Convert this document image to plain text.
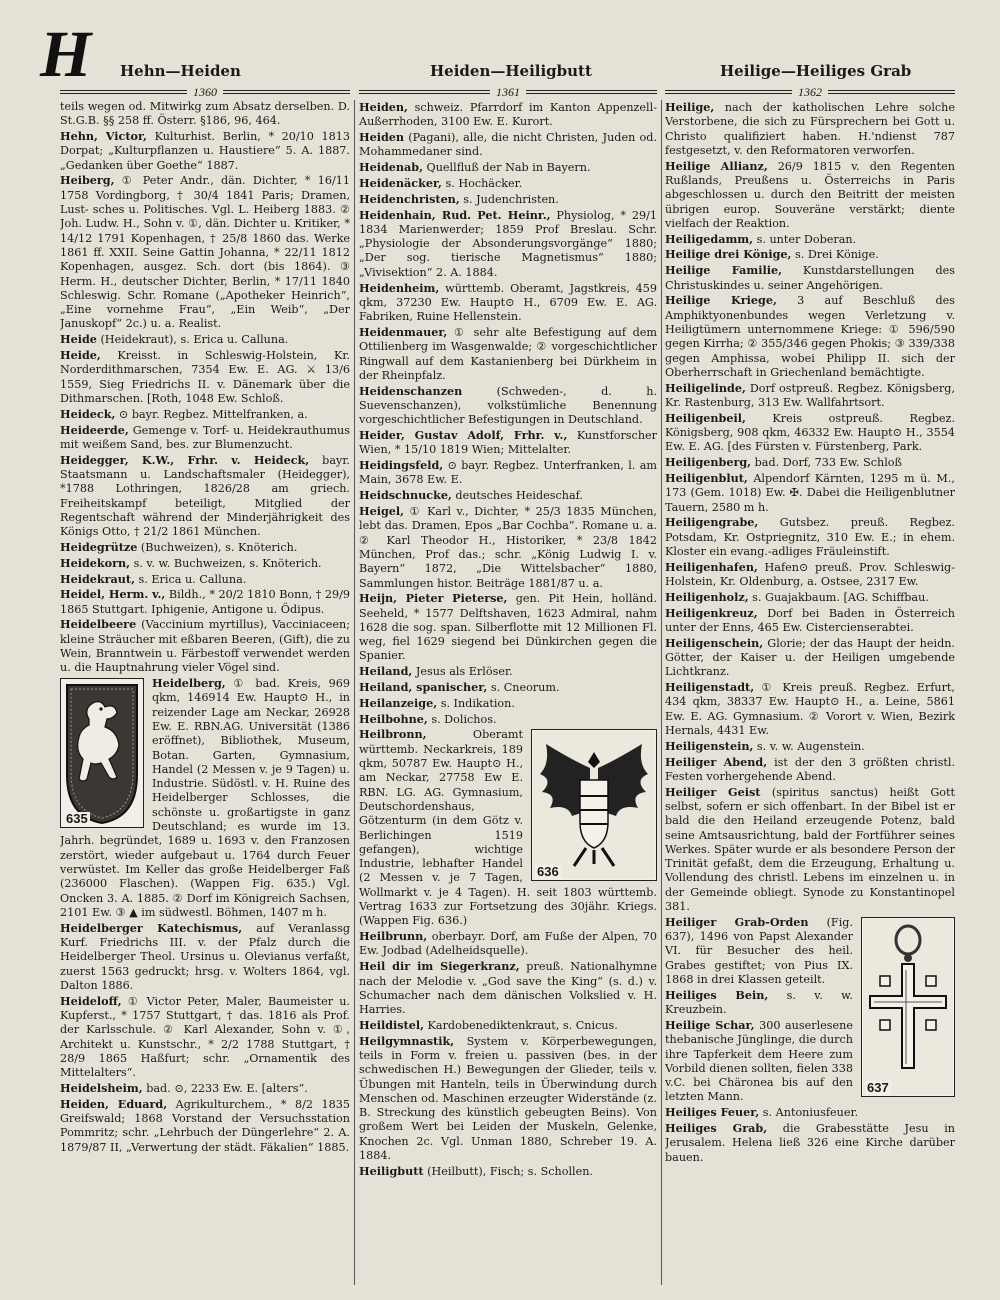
H Hehn—Heiden	Heiden—Heiligbutt	Heilige—Heiliges Grab
1360	1361	1362

teils wegen od. Mitwirkg zum Absatz derselben. D. St.G.B. §§ 258 ff. Österr. §186, 96, 464.

Hehn, Victor, Kulturhist. Berlin, * 20/10 1813 Dorpat; „Kulturpflanzen u. Haustiere“ 5. A. 1887. „Gedanken über Goethe“ 1887.

Heiberg, ① Peter Andr., dän. Dichter, * 16/11 1758 Vordingborg, † 30/4 1841 Paris; Dramen, Lust- sches u. Politisches. Vgl. L. Heiberg 1883. ② Joh. Ludw. H., Sohn v. ①, dän. Dichter u. Kritiker, * 14/12 1791 Kopenhagen, † 25/8 1860 das. Werke 1861 ff. XXII. Seine Gattin Johanna, * 22/11 1812 Kopenhagen, ausgez. Sch. dort (bis 1864). ③ Herm. H., deutscher Dichter, Berlin, * 17/11 1840 Schleswig. Schr. Romane („Apotheker Heinrich“, „Eine vornehme Frau“, „Ein Weib“, „Der Januskopf“ 2c.) u. a. Realist.

Heide (Heidekraut), s. Erica u. Calluna.

Heide, Kreisst. in Schleswig-Holstein, Kr. Norderdithmarschen, 7354 Ew. E. AG. ⚔ 13/6 1559, Sieg Friedrichs II. v. Dänemark über die Dithmarschen. [Roth, 1048 Ew. Schloß.

Heideck, ⊙ bayr. Regbez. Mittelfranken, a.

Heideerde, Gemenge v. Torf- u. Heidekrauthumus mit weißem Sand, bes. zur Blumenzucht.

Heidegger, K.W., Frhr. v. Heideck, bayr. Staatsmann u. Landschaftsmaler (Heidegger), *1788 Lothringen, 1826/28 am griech. Freiheitskampf beteiligt, Mitglied der Regentschaft während der Minderjährigkeit des Königs Otto, † 21/2 1861 München.

Heidegrütze (Buchweizen), s. Knöterich.

Heidekorn, s. v. w. Buchweizen, s. Knöterich.

Heidekraut, s. Erica u. Calluna.

Heidel, Herm. v., Bildh., * 20/2 1810 Bonn, † 29/9 1865 Stuttgart. Iphigenie, Antigone u. Ödipus.

Heidelbeere (Vaccinium myrtillus), Vacciniaceen; kleine Sträucher mit eßbaren Beeren, (Gift), die zu Wein, Branntwein u. Färbestoff verwendet werden u. die Hauptnahrung vieler Vögel sind.

635
Heidelberg, ① bad. Kreis, 969 qkm, 146914 Ew. Haupt⊙ H., in reizender Lage am Neckar, 26928 Ew. E. RBN.AG. Universität (1386 eröffnet), Bibliothek, Museum, Botan. Garten, Gymnasium, Handel (2 Messen v. je 9 Tagen) u. Industrie. Südöstl. v. H. Ruine des Heidelberger Schlosses, die schönste u. großartigste in ganz Deutschland; es wurde im 13. Jahrh. begründet, 1689 u. 1693 v. den Franzosen zerstört, wieder aufgebaut u. 1764 durch Feuer verwüstet. Im Keller das große Heidelberger Faß (236000 Flaschen). (Wappen Fig. 635.) Vgl. Oncken 3. A. 1885. ② Dorf im Königreich Sachsen, 2101 Ew. ③ ▲ im südwestl. Böhmen, 1407 m h.

Heidelberger Katechismus, auf Veranlassg Kurf. Friedrichs III. v. der Pfalz durch die Heidelberger Theol. Ursinus u. Olevianus verfaßt, zuerst 1563 gedruckt; hrsg. v. Wolters 1864, vgl. Dalton 1886.

Heideloff, ① Victor Peter, Maler, Baumeister u. Kupferst., * 1757 Stuttgart, † das. 1816 als Prof. der Karlsschule. ② Karl Alexander, Sohn v. ①, Architekt u. Kunstschr., * 2/2 1788 Stuttgart, † 28/9 1865 Haßfurt; schr. „Ornamentik des Mittelalters“.

Heidelsheim, bad. ⊙, 2233 Ew. E. [alters“.

Heiden, Eduard, Agrikulturchem., * 8/2 1835 Greifswald; 1868 Vorstand der Versuchsstation Pommritz; schr. „Lehrbuch der Düngerlehre“ 2. A. 1879/87 II, „Verwertung der städt. Fäkalien“ 1885.

Heiden, schweiz. Pfarrdorf im Kanton Appenzell-Außerrhoden, 3100 Ew. E. Kurort.

Heiden (Pagani), alle, die nicht Christen, Juden od. Mohammedaner sind.

Heidenab, Quellfluß der Nab in Bayern.

Heidenäcker, s. Hochäcker.

Heidenchristen, s. Judenchristen.

Heidenhain, Rud. Pet. Heinr., Physiolog, * 29/1 1834 Marienwerder; 1859 Prof Breslau. Schr. „Physiologie der Absonderungsvorgänge“ 1880; „Der sog. tierische Magnetismus“ 1880; „Vivisektion“ 2. A. 1884.

Heidenheim, württemb. Oberamt, Jagstkreis, 459 qkm, 37230 Ew. Haupt⊙ H., 6709 Ew. E. AG. Fabriken, Ruine Hellenstein.

Heidenmauer, ① sehr alte Befestigung auf dem Ottilienberg im Wasgenwalde; ② vorgeschichtlicher Ringwall auf dem Kastanienberg bei Dürkheim in der Rheinpfalz.

Heidenschanzen (Schweden-, d. h. Suevenschanzen), volkstümliche Benennung vorgeschichtlicher Befestigungen in Deutschland.

Heider, Gustav Adolf, Frhr. v., Kunstforscher Wien, * 15/10 1819 Wien; Mittelalter.

Heidingsfeld, ⊙ bayr. Regbez. Unterfranken, l. am Main, 3678 Ew. E.

Heidschnucke, deutsches Heideschaf.

Heigel, ① Karl v., Dichter, * 25/3 1835 München, lebt das. Dramen, Epos „Bar Cochba“. Romane u. a. ② Karl Theodor H., Historiker, * 23/8 1842 München, Prof das.; schr. „König Ludwig I. v. Bayern“ 1872, „Die Wittelsbacher“ 1880, Sammlungen histor. Beiträge 1881/87 u. a.

Heijn, Pieter Pieterse, gen. Pit Hein, holländ. Seeheld, * 1577 Delftshaven, 1623 Admiral, nahm 1628 die sog. span. Silberflotte mit 12 Millionen Fl. weg, fiel 1629 siegend bei Dünkirchen gegen die Spanier.

Heiland, Jesus als Erlöser.

Heiland, spanischer, s. Cneorum.

Heilanzeige, s. Indikation.

Heilbohne, s. Dolichos.

636
Heilbronn, Oberamt württemb. Neckarkreis, 189 qkm, 50787 Ew. Haupt⊙ H., am Neckar, 27758 Ew E. RBN. LG. AG. Gymnasium, Deutschordenshaus, Götzenturm (in dem Götz v. Berlichingen 1519 gefangen), wichtige Industrie, lebhafter Handel (2 Messen v. je 7 Tagen, Wollmarkt v. je 4 Tagen). H. seit 1803 württemb. Vertrag 1633 zur Fortsetzung des 30jähr. Kriegs. (Wappen Fig. 636.)

Heilbrunn, oberbayr. Dorf, am Fuße der Alpen, 70 Ew. Jodbad (Adelheidsquelle).

Heil dir im Siegerkranz, preuß. Nationalhymne nach der Melodie v. „God save the King“ (s. d.) v. Schumacher nach dem dänischen Volkslied v. H. Harries.

Heildistel, Kardobenediktenkraut, s. Cnicus.

Heilgymnastik, System v. Körperbewegungen, teils in Form v. freien u. passiven (bes. in der schwedischen H.) Bewegungen der Glieder, teils v. Übungen mit Hanteln, teils in Überwindung durch Menschen od. Maschinen erzeugter Widerstände (z. B. Streckung des künstlich gebeugten Beins). Von großem Wert bei Leiden der Muskeln, Gelenke, Knochen 2c. Vgl. Unman 1880, Schreber 19. A. 1884.

Heiligbutt (Heilbutt), Fisch; s. Schollen.

Heilige, nach der katholischen Lehre solche Verstorbene, die sich zu Fürsprechern bei Gott u. Christo qualifiziert haben. H.'ndienst 787 festgesetzt, v. den Reformatoren verworfen.

Heilige Allianz, 26/9 1815 v. den Regenten Rußlands, Preußens u. Österreichs in Paris abgeschlossen u. durch den Beitritt der meisten übrigen europ. Souveräne verstärkt; diente vielfach der Reaktion.

Heiligedamm, s. unter Doberan.

Heilige drei Könige, s. Drei Könige.

Heilige Familie, Kunstdarstellungen des Christuskindes u. seiner Angehörigen.

Heilige Kriege, 3 auf Beschluß des Amphiktyonenbundes wegen Verletzung v. Heiligtümern unternommene Kriege: ① 596/590 gegen Kirrha; ② 355/346 gegen Phokis; ③ 339/338 gegen Amphissa, wobei Philipp II. sich der Oberherrschaft in Griechenland bemächtigte.

Heiligelinde, Dorf ostpreuß. Regbez. Königsberg, Kr. Rastenburg, 313 Ew. Wallfahrtsort.

Heiligenbeil, Kreis ostpreuß. Regbez. Königsberg, 908 qkm, 46332 Ew. Haupt⊙ H., 3554 Ew. E. AG. [des Fürsten v. Fürstenberg, Park.

Heiligenberg, bad. Dorf, 733 Ew. Schloß

Heiligenblut, Alpendorf Kärnten, 1295 m ü. M., 173 (Gem. 1018) Ew. ✠. Dabei die Heiligenblutner Tauern, 2580 m h.

Heiligengrabe, Gutsbez. preuß. Regbez. Potsdam, Kr. Ostpriegnitz, 310 Ew. E.; in ehem. Kloster ein evang.-adliges Fräuleinstift.

Heiligenhafen, Hafen⊙ preuß. Prov. Schleswig-Holstein, Kr. Oldenburg, a. Ostsee, 2317 Ew.

Heiligenholz, s. Guajakbaum. [AG. Schiffbau.

Heiligenkreuz, Dorf bei Baden in Österreich unter der Enns, 465 Ew. Cistercienserabtei.

Heiligenschein, Glorie; der das Haupt der heidn. Götter, der Kaiser u. der Heiligen umgebende Lichtkranz.

Heiligenstadt, ① Kreis preuß. Regbez. Erfurt, 434 qkm, 38337 Ew. Haupt⊙ H., a. Leine, 5861 Ew. E. AG. Gymnasium. ② Vorort v. Wien, Bezirk Hernals, 4431 Ew.

Heiligenstein, s. v. w. Augenstein.

Heiliger Abend, ist der den 3 größten christl. Festen vorhergehende Abend.

Heiliger Geist (spiritus sanctus) heißt Gott selbst, sofern er sich offenbart. In der Bibel ist er bald die den Heiland erzeugende Potenz, bald seine Amtsausrichtung, bald der Fortführer seines Werkes. Später wurde er als besondere Person der Trinität gefaßt, dem die Erzeugung, Erhaltung u. Vollendung des christl. Lebens im einzelnen u. in der Gemeinde obliegt. Synode zu Konstantinopel 381.

637
Heiliger Grab-Orden (Fig. 637), 1496 von Papst Alexander VI. für Besucher des heil. Grabes gestiftet; von Pius IX. 1868 in drei Klassen geteilt.

Heiliges Bein, s. v. w. Kreuzbein.

Heilige Schar, 300 auserlesene thebanische Jünglinge, die durch ihre Tapferkeit dem Heere zum Vorbild dienen sollten, fielen 338 v.C. bei Chäronea bis auf den letzten Mann.

Heiliges Feuer, s. Antoniusfeuer.

Heiliges Grab, die Grabesstätte Jesu in Jerusalem. Helena ließ 326 eine Kirche darüber bauen.
